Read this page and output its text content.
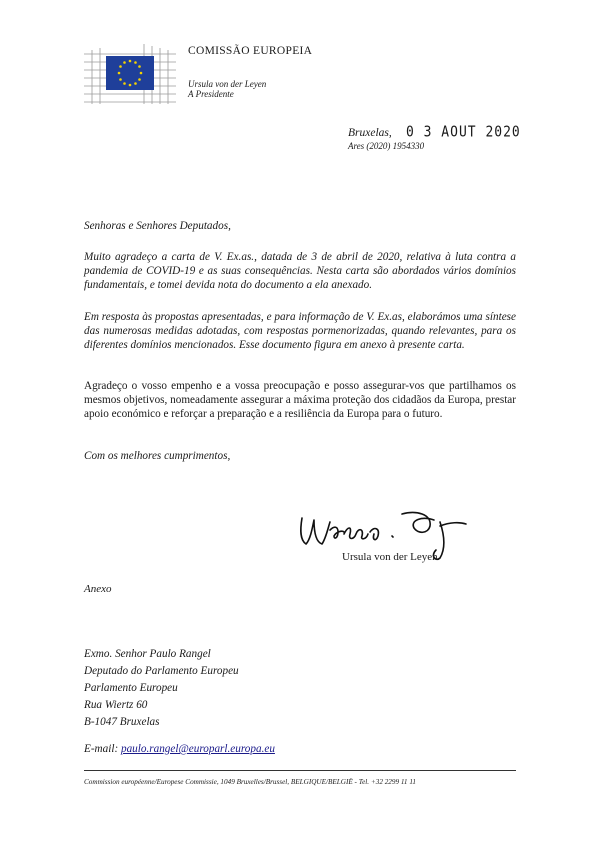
COMISSÃO EUROPEIA
Ursula von der Leyen
A Presidente
Bruxelas, 0 3 AOUT 2020
Ares (2020) 1954330

Senhoras e Senhores Deputados,

Muito agradeço a carta de V. Ex.as., datada de 3 de abril de 2020, relativa à luta contra a pandemia de COVID-19 e as suas consequências. Nesta carta são abordados vários domínios fundamentais, e tomei devida nota do documento a ela anexado.

Em resposta às propostas apresentadas, e para informação de V. Ex.as, elaborámos uma síntese das numerosas medidas adotadas, com respostas pormenorizadas, quando relevantes, para os diferentes domínios mencionados. Esse documento figura em anexo à presente carta.

Agradeço o vosso empenho e a vossa preocupação e posso assegurar-vos que partilhamos os mesmos objetivos, nomeadamente assegurar a máxima proteção dos cidadãos da Europa, prestar apoio económico e reforçar a preparação e a resiliência da Europa para o futuro.

Com os melhores cumprimentos,

Ursula von der Leyen
Anexo
Exmo. Senhor Paulo Rangel
Deputado do Parlamento Europeu
Parlamento Europeu
Rua Wiertz 60
B-1047 Bruxelas
E-mail: paulo.rangel@europarl.europa.eu
Commission européenne/Europese Commissie, 1049 Bruxelles/Brussel, BELGIQUE/BELGIË - Tel. +32 2299 11 11
